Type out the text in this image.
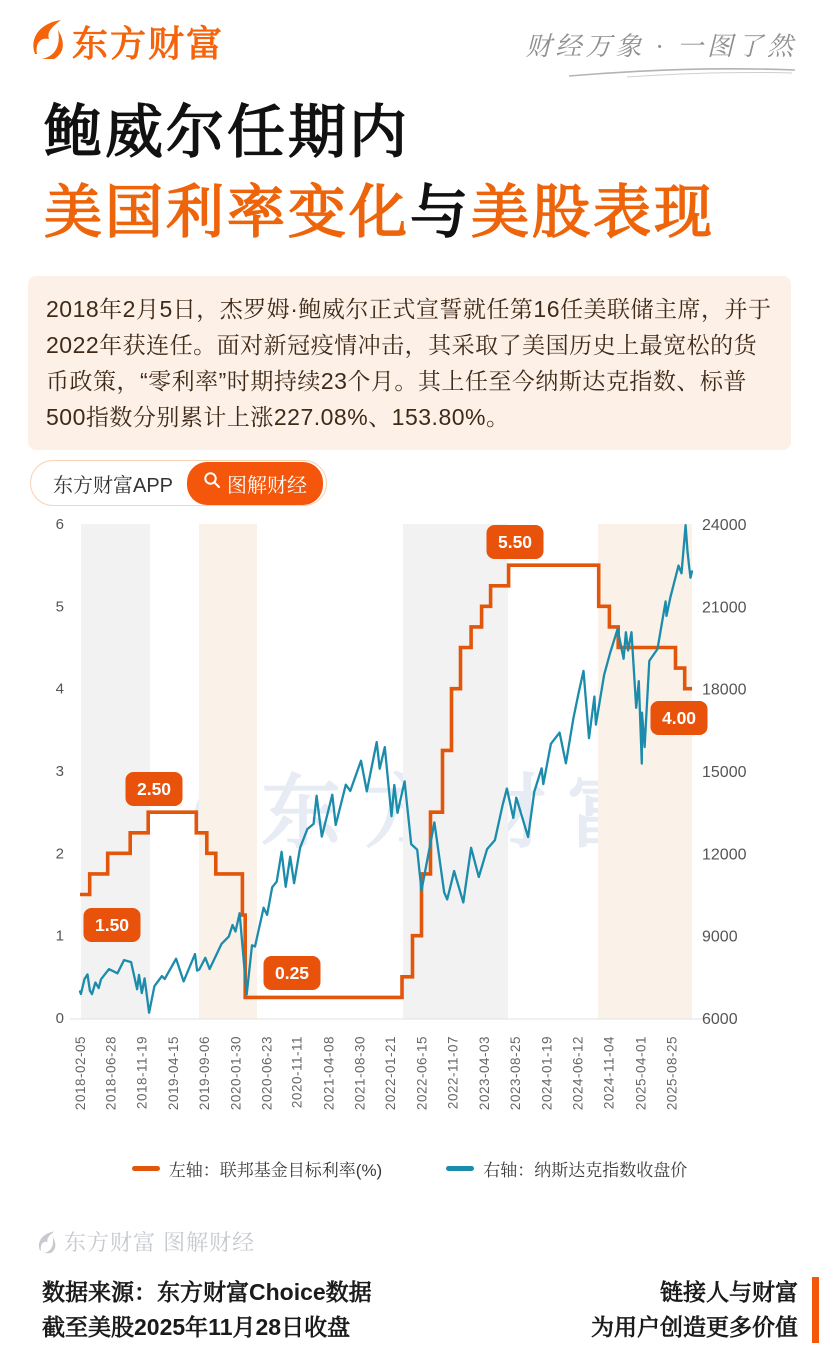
东方财富	财经万象 · 一图了然
鲍威尔任期内
美国利率变化与美股表现
2018年2月5日，杰罗姆·鲍威尔正式宣誓就任第16任美联储主席，并于2022年获连任。面对新冠疫情冲击，其采取了美国历史上最宽松的货币政策，“零利率”时期持续23个月。其上任至今纳斯达克指数、标普500指数分别累计上涨227.08%、153.80%。
东方财富APP	图解财经
6
5
4
3
2
1
0
24000
21000
18000
15000
12000
9000
6000
2018-02-05 2018-06-28 2018-11-19 2019-04-15 2019-09-06 2020-01-30 2020-06-23 2020-11-11 2021-04-08 2021-08-30 2022-01-21 2022-06-15 2022-11-07 2023-04-03 2023-08-25 2024-01-19 2024-06-12 2024-11-04 2025-04-01 2025-08-25
1.50
2.50
0.25
5.50
4.00
左轴：联邦基金目标利率(%)	右轴：纳斯达克指数收盘价
东方财富 图解财经
数据来源：东方财富Choice数据
截至美股2025年11月28日收盘
链接人与财富
为用户创造更多价值
